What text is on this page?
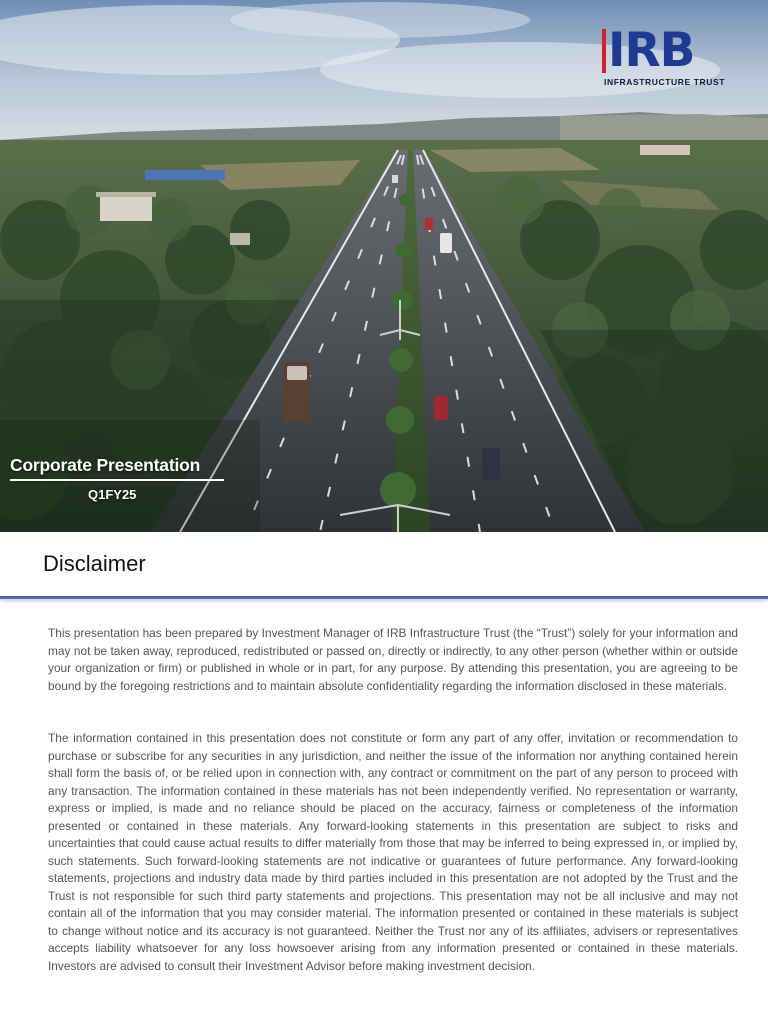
IRB
INFRASTRUCTURE TRUST
Corporate Presentation
Q1FY25
Disclaimer

This presentation has been prepared by Investment Manager of IRB Infrastructure Trust (the “Trust”) solely for your information and may not be taken away, reproduced, redistributed or passed on, directly or indirectly, to any other person (whether within or outside your organization or firm) or published in whole or in part, for any purpose. By attending this presentation, you are agreeing to be bound by the foregoing restrictions and to maintain absolute confidentiality regarding the information disclosed in these materials.

The information contained in this presentation does not constitute or form any part of any offer, invitation or recommendation to purchase or subscribe for any securities in any jurisdiction, and neither the issue of the information nor anything contained herein shall form the basis of, or be relied upon in connection with, any contract or commitment on the part of any person to proceed with any transaction. The information contained in these materials has not been independently verified. No representation or warranty, express or implied, is made and no reliance should be placed on the accuracy, fairness or completeness of the information presented or contained in these materials. Any forward-looking statements in this presentation are subject to risks and uncertainties that could cause actual results to differ materially from those that may be inferred to being expressed in, or implied by, such statements. Such forward-looking statements are not indicative or guarantees of future performance. Any forward-looking statements, projections and industry data made by third parties included in this presentation are not adopted by the Trust and the Trust is not responsible for such third party statements and projections. This presentation may not be all inclusive and may not contain all of the information that you may consider material. The information presented or contained in these materials is subject to change without notice and its accuracy is not guaranteed. Neither the Trust nor any of its affiliates, advisers or representatives accepts liability whatsoever for any loss howsoever arising from any information presented or contained in these materials. Investors are advised to consult their Investment Advisor before making investment decision.
